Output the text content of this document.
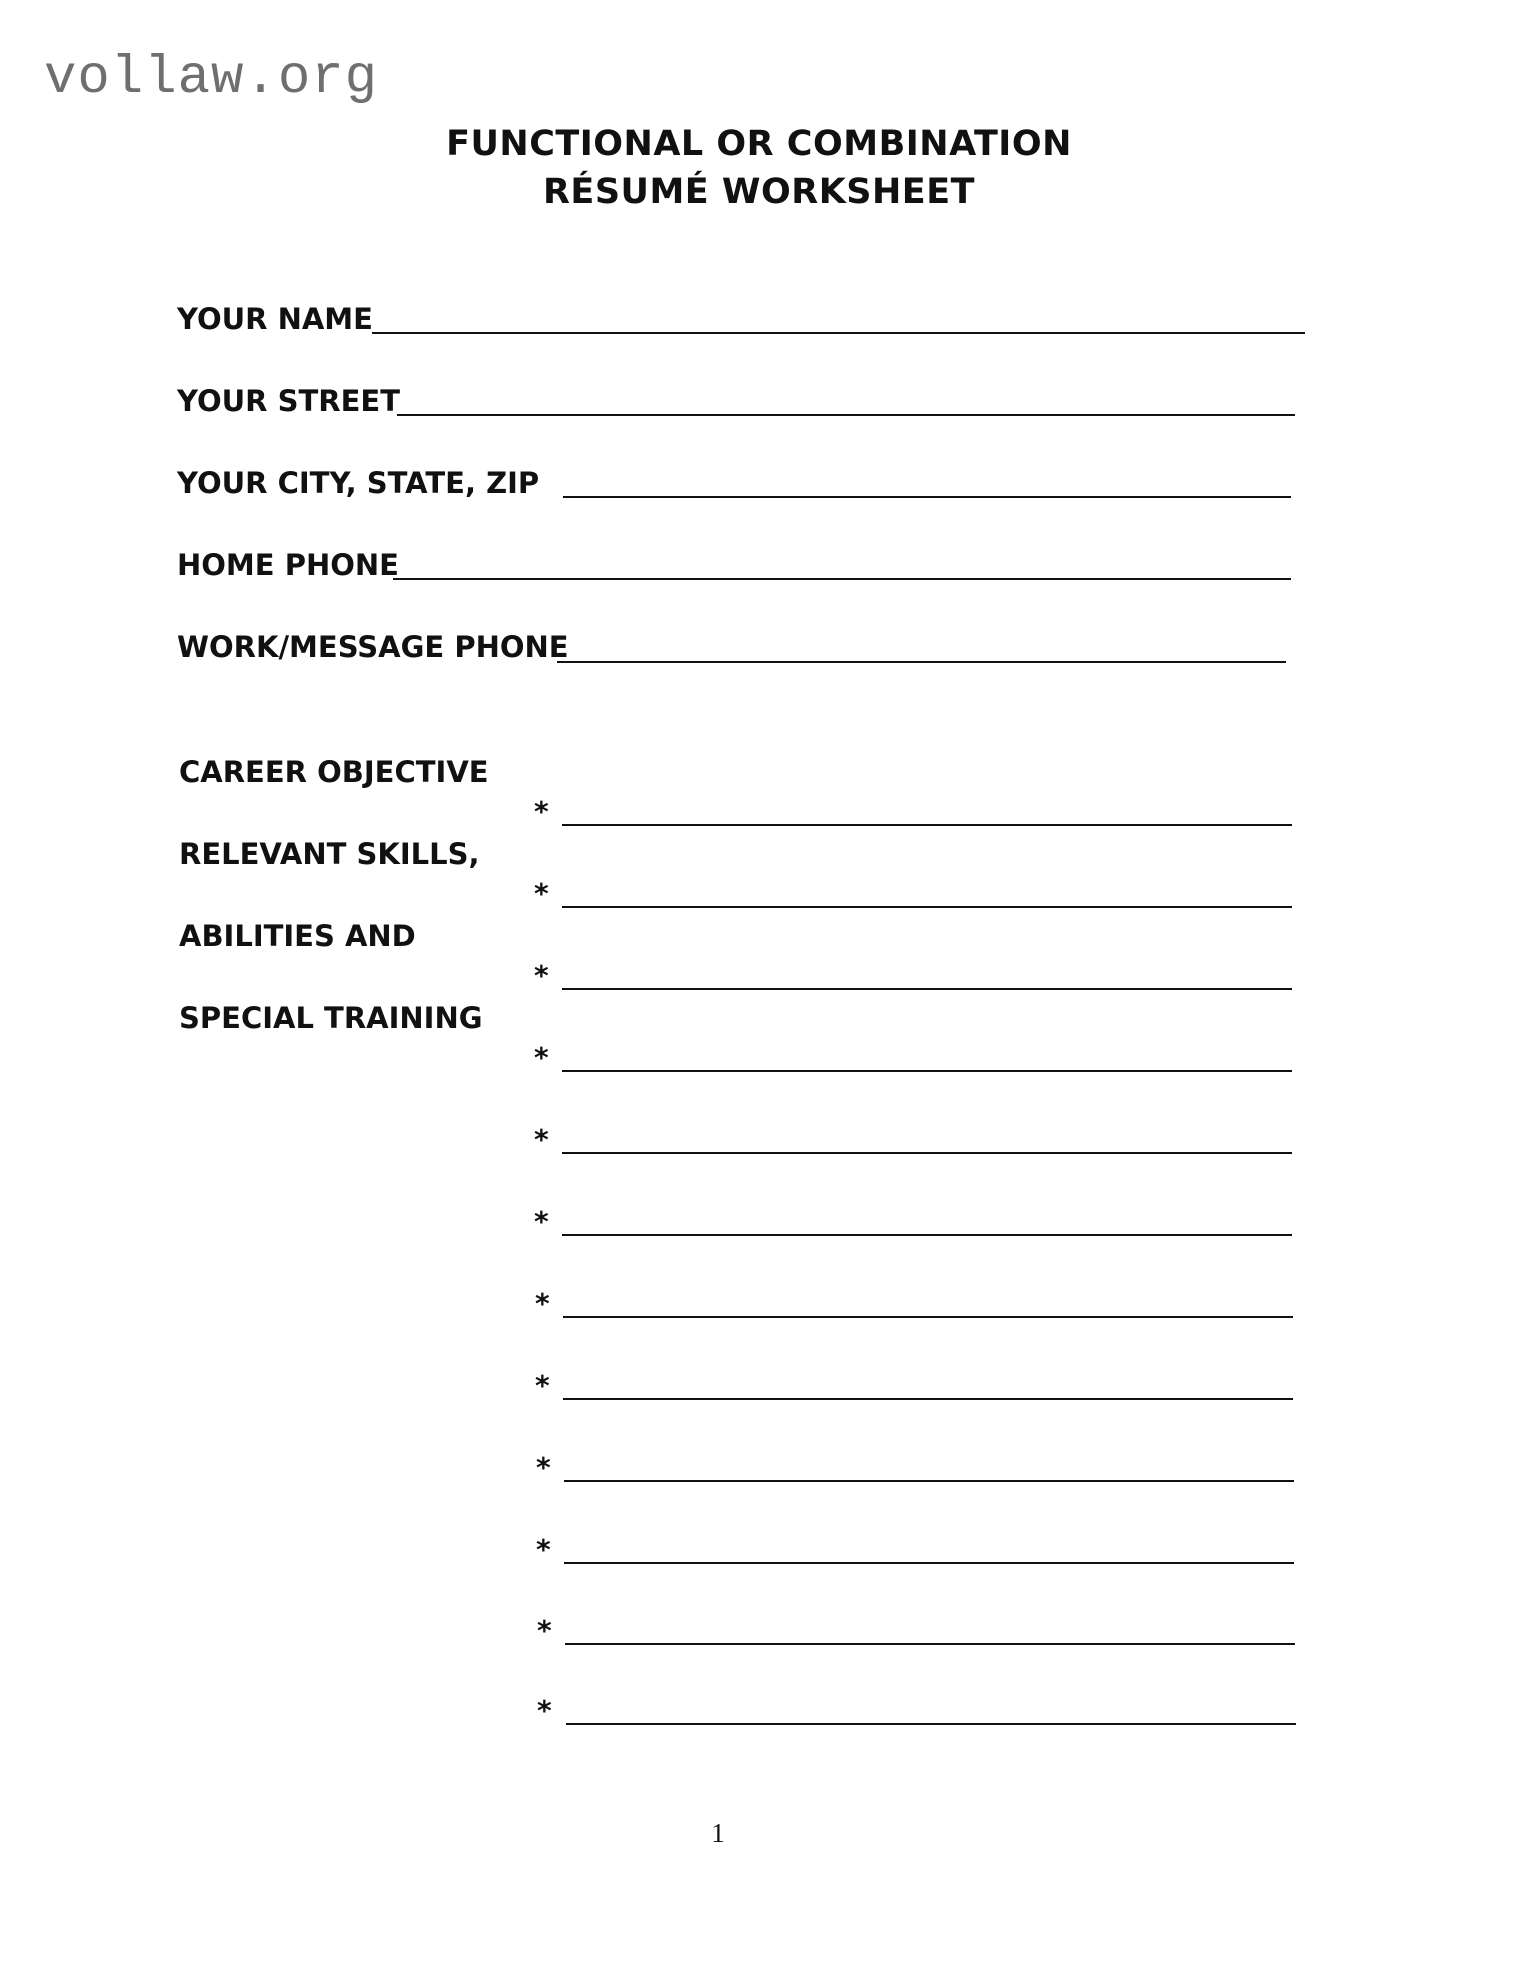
vollaw.org
FUNCTIONAL OR COMBINATION
RÉSUMÉ WORKSHEET
YOUR NAME
YOUR STREET
YOUR CITY, STATE, ZIP
HOME PHONE
WORK/MESSAGE PHONE
CAREER OBJECTIVE
RELEVANT SKILLS,
ABILITIES AND
SPECIAL TRAINING
*
*
*
*
*
*
*
*
*
*
*
*
1
